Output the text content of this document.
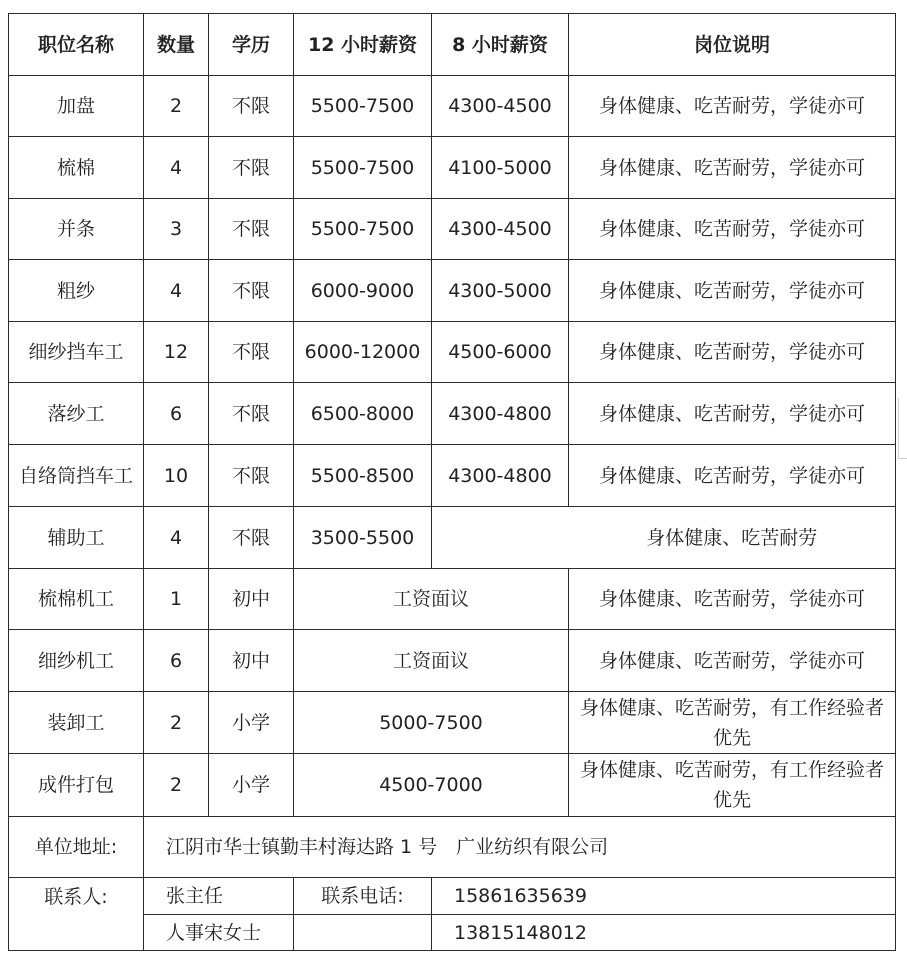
职位名称	数量	学历	12 小时薪资	8 小时薪资	岗位说明
加盘	2	不限	5500-7500	4300-4500	身体健康、吃苦耐劳，学徒亦可
梳棉	4	不限	5500-7500	4100-5000	身体健康、吃苦耐劳，学徒亦可
并条	3	不限	5500-7500	4300-4500	身体健康、吃苦耐劳，学徒亦可
粗纱	4	不限	6000-9000	4300-5000	身体健康、吃苦耐劳，学徒亦可
细纱挡车工	12	不限	6000-12000	4500-6000	身体健康、吃苦耐劳，学徒亦可
落纱工	6	不限	6500-8000	4300-4800	身体健康、吃苦耐劳，学徒亦可
自络筒挡车工	10	不限	5500-8500	4300-4800	身体健康、吃苦耐劳，学徒亦可
辅助工	4	不限	3500-5500		身体健康、吃苦耐劳
梳棉机工	1	初中	工资面议		身体健康、吃苦耐劳，学徒亦可
细纱机工	6	初中	工资面议		身体健康、吃苦耐劳，学徒亦可
装卸工	2	小学	5000-7500		身体健康、吃苦耐劳，有工作经验者优先
成件打包	2	小学	4500-7000		身体健康、吃苦耐劳，有工作经验者优先
单位地址:	江阴市华士镇勤丰村海达路 1 号　广业纺织有限公司				
联系人:	张主任		联系电话:	15861635639	
	人事宋女士			13815148012	
